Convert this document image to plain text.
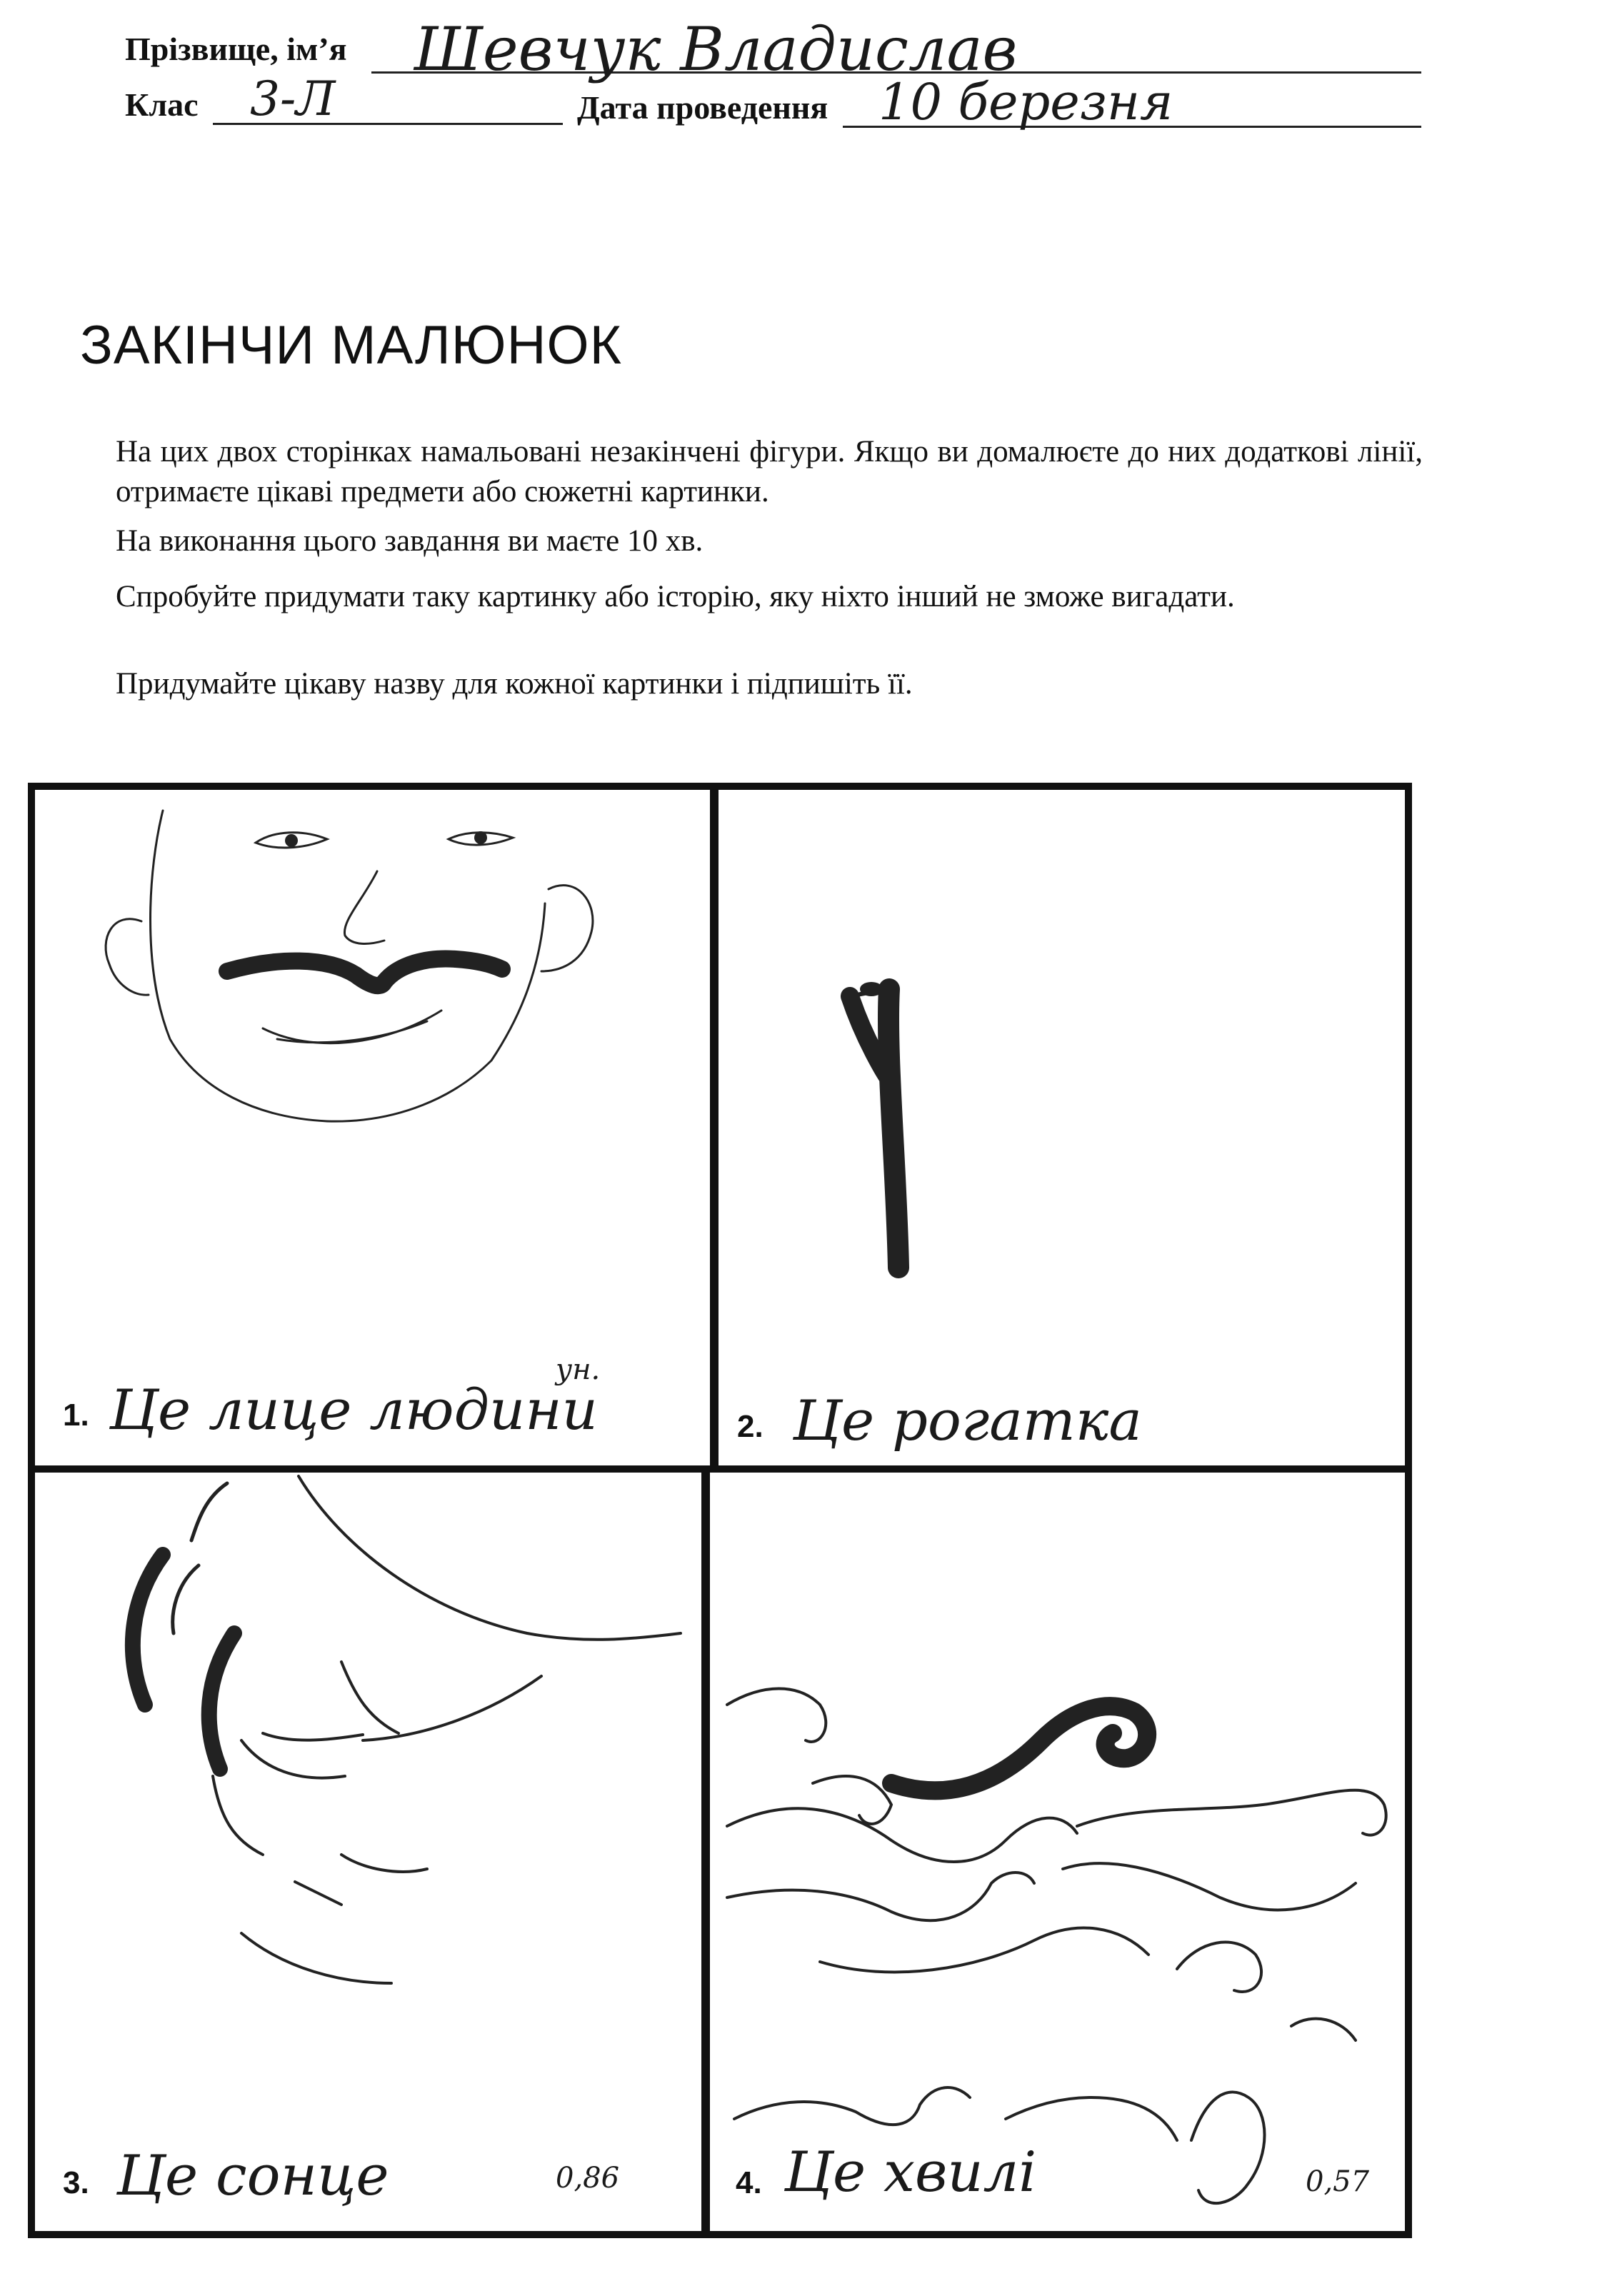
Прізвище, ім’я Шевчук Владислав
Клас 3-Л	Дата проведення 10 березня
ЗАКІНЧИ МАЛЮНОК

На цих двох сторінках намальовані незакінчені фігури. Якщо ви домалюєте до них додаткові лінії, отримаєте цікаві предмети або сюжетні картинки.

На виконання цього завдання ви маєте 10 хв.

Спробуйте придумати таку картинку або історію, яку ніхто інший не зможе вигадати.

Придумайте цікаву назву для кожної картинки і підпишіть її.

1. Це лице людини
ун.
2. Це рогатка
3. Це сонце	0,86	4. Це хвилі	0,57
